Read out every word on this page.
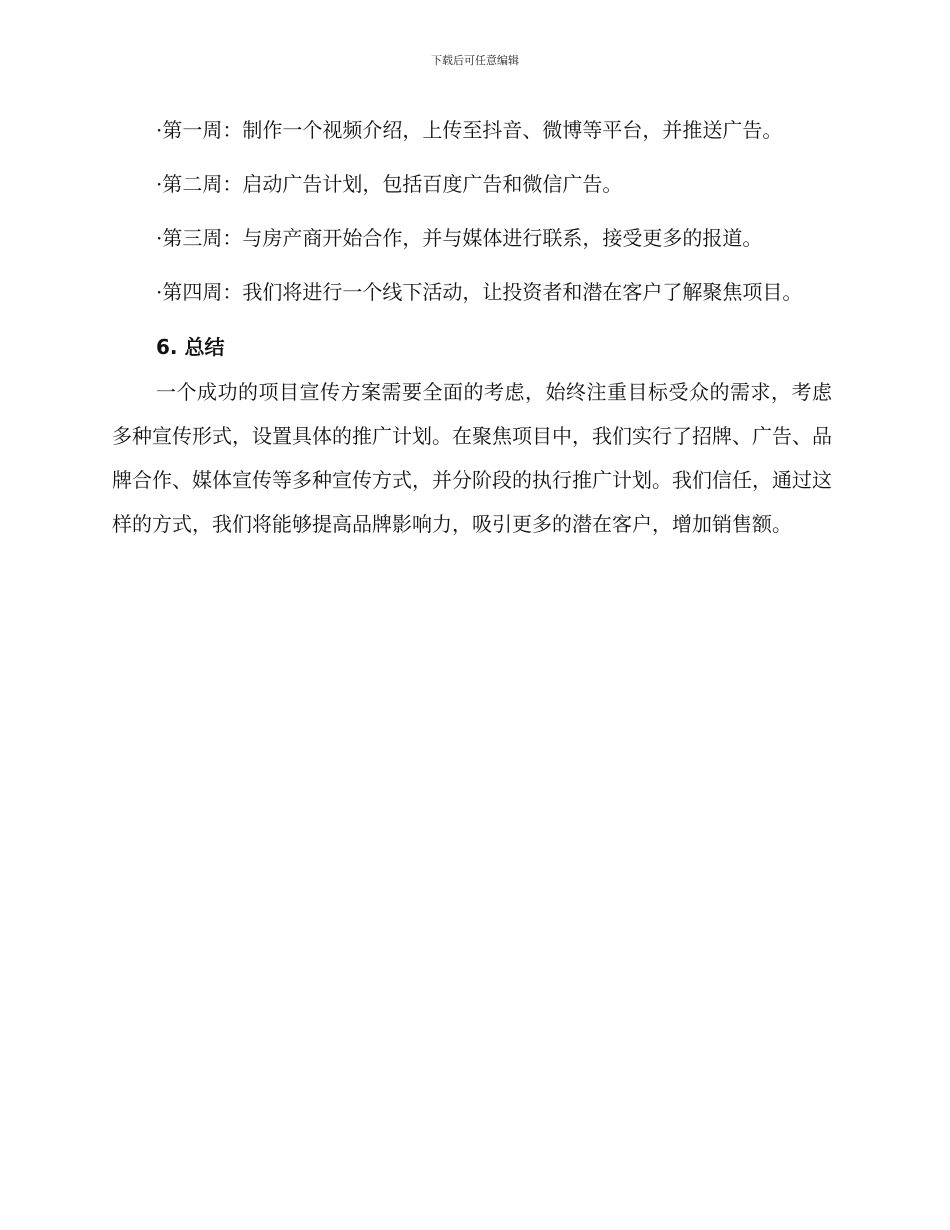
下载后可任意编辑

·第一周：制作一个视频介绍，上传至抖音、微博等平台，并推送广告。

·第二周：启动广告计划，包括百度广告和微信广告。

·第三周：与房产商开始合作，并与媒体进行联系，接受更多的报道。

·第四周：我们将进行一个线下活动，让投资者和潜在客户了解聚焦项目。

6. 总结

一个成功的项目宣传方案需要全面的考虑，始终注重目标受众的需求，考虑多种宣传形式，设置具体的推广计划。在聚焦项目中，我们实行了招牌、广告、品牌合作、媒体宣传等多种宣传方式，并分阶段的执行推广计划。我们信任，通过这样的方式，我们将能够提高品牌影响力，吸引更多的潜在客户，增加销售额。
